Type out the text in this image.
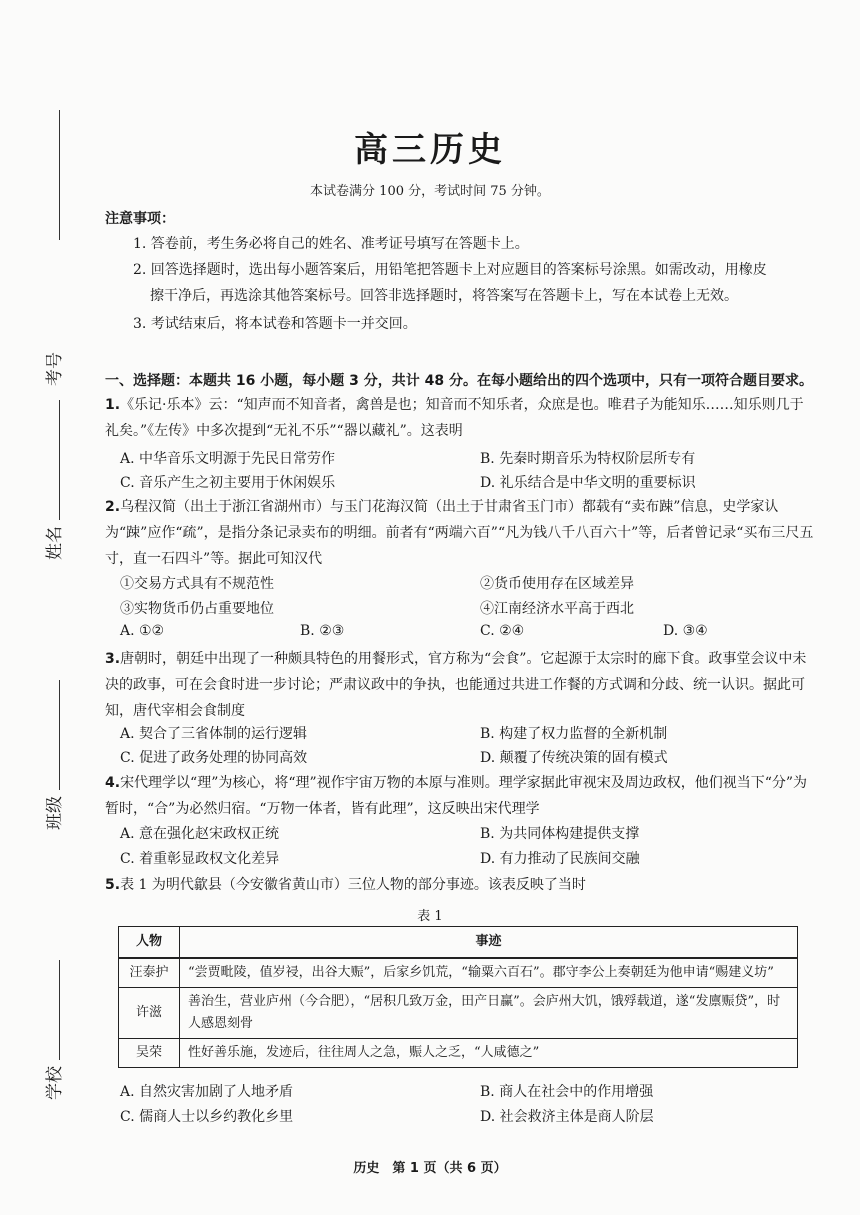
考号
姓名
班级
学校
高三历史
本试卷满分 100 分，考试时间 75 分钟。
注意事项：
1. 答卷前，考生务必将自己的姓名、准考证号填写在答题卡上。
2. 回答选择题时，选出每小题答案后，用铅笔把答题卡上对应题目的答案标号涂黑。如需改动，用橡皮
擦干净后，再选涂其他答案标号。回答非选择题时，将答案写在答题卡上，写在本试卷上无效。
3. 考试结束后，将本试卷和答题卡一并交回。
一、选择题：本题共 16 小题，每小题 3 分，共计 48 分。在每小题给出的四个选项中，只有一项符合题目要求。
1.《乐记·乐本》云：“知声而不知音者，禽兽是也；知音而不知乐者，众庶是也。唯君子为能知乐……知乐则几于礼矣。”《左传》中多次提到“无礼不乐”“器以藏礼”。这表明
A. 中华音乐文明源于先民日常劳作	B. 先秦时期音乐为特权阶层所专有
C. 音乐产生之初主要用于休闲娱乐	D. 礼乐结合是中华文明的重要标识
2.乌程汉简（出土于浙江省湖州市）与玉门花海汉简（出土于甘肃省玉门市）都载有“卖布踈”信息，史学家认为“踈”应作“疏”，是指分条记录卖布的明细。前者有“两端六百”“凡为钱八千八百六十”等，后者曾记录“买布三尺五寸，直一石四斗”等。据此可知汉代
①交易方式具有不规范性	②货币使用存在区域差异
③实物货币仍占重要地位	④江南经济水平高于西北
A. ①②	B. ②③	C. ②④	D. ③④
3.唐朝时，朝廷中出现了一种颇具特色的用餐形式，官方称为“会食”。它起源于太宗时的廊下食。政事堂会议中未决的政事，可在会食时进一步讨论；严肃议政中的争执，也能通过共进工作餐的方式调和分歧、统一认识。据此可知，唐代宰相会食制度
A. 契合了三省体制的运行逻辑	B. 构建了权力监督的全新机制
C. 促进了政务处理的协同高效	D. 颠覆了传统决策的固有模式
4.宋代理学以“理”为核心，将“理”视作宇宙万物的本原与准则。理学家据此审视宋及周边政权，他们视当下“分”为暂时，“合”为必然归宿。“万物一体者，皆有此理”，这反映出宋代理学
A. 意在强化赵宋政权正统	B. 为共同体构建提供支撑
C. 着重彰显政权文化差异	D. 有力推动了民族间交融
5.表 1 为明代歙县（今安徽省黄山市）三位人物的部分事迹。该表反映了当时
表 1
人物	事迹
汪泰护	“尝贾毗陵，值岁祲，出谷大赈”，后家乡饥荒，“输粟六百石”。郡守李公上奏朝廷为他申请“赐建义坊”
许滋	善治生，营业庐州（今合肥），“居积几致万金，田产日赢”。会庐州大饥，饿殍载道，遂“发廪赈贷”，时人感恩刻骨
吴荣	性好善乐施，发迹后，往往周人之急，赈人之乏，“人咸德之”
A. 自然灾害加剧了人地矛盾	B. 商人在社会中的作用增强
C. 儒商人士以乡约教化乡里	D. 社会救济主体是商人阶层
历史　第 1 页（共 6 页）
